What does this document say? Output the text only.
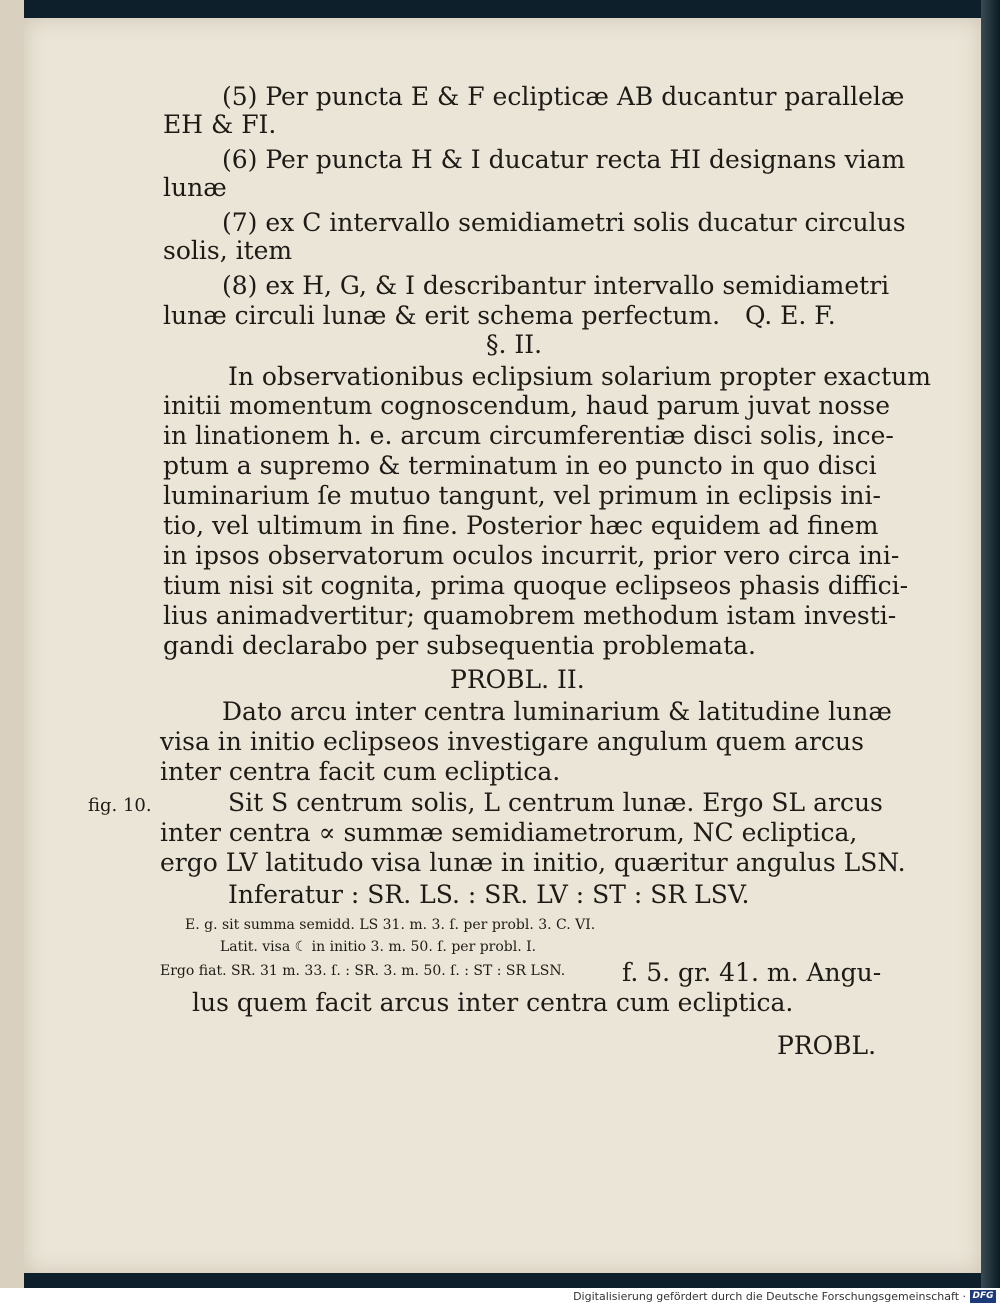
(5) Per puncta E & F eclipticæ AB ducantur parallelæ
EH & FI.
(6) Per puncta H & I ducatur recta HI designans viam
lunæ
(7) ex C intervallo semidiametri solis ducatur circulus
solis, item
(8) ex H, G, & I describantur intervallo semidiametri
lunæ circuli lunæ & erit schema perfectum. Q. E. F.
§. II.
In observationibus eclipsium solarium propter exactum
initii momentum cognoscendum, haud parum juvat nosse
in linationem h. e. arcum circumferentiæ disci solis, ince-
ptum a supremo & terminatum in eo puncto in quo disci
luminarium ſe mutuo tangunt, vel primum in eclipsis ini-
tio, vel ultimum in fine. Posterior hæc equidem ad finem
in ipsos observatorum oculos incurrit, prior vero circa ini-
tium nisi sit cognita, prima quoque eclipseos phasis diffici-
lius animadvertitur; quamobrem methodum istam investi-
gandi declarabo per subsequentia problemata.
PROBL. II.
Dato arcu inter centra luminarium & latitudine lunæ
visa in initio eclipseos investigare angulum quem arcus
inter centra facit cum ecliptica.
fig. 10.	Sit S centrum solis, L centrum lunæ. Ergo SL arcus
inter centra ∝ summæ semidiametrorum, NC ecliptica,
ergo LV latitudo visa lunæ in initio, quæritur angulus LSN.
Inferatur : SR. LS. : SR. LV : ST : SR LSV.
E. g. sit summa semidd. LS 31. m. 3. ſ. per probl. 3. C. VI.
Latit. visa ☾ in initio 3. m. 50. ſ. per probl. I.
Ergo fiat. SR. 31 m. 33. ſ. : SR. 3. m. 50. ſ. : ST : SR LSN. f. 5. gr. 41. m. Angu-
lus quem facit arcus inter centra cum ecliptica.
PROBL.
Digitalisierung gefördert durch die Deutsche Forschungsgemeinschaft · DFG
